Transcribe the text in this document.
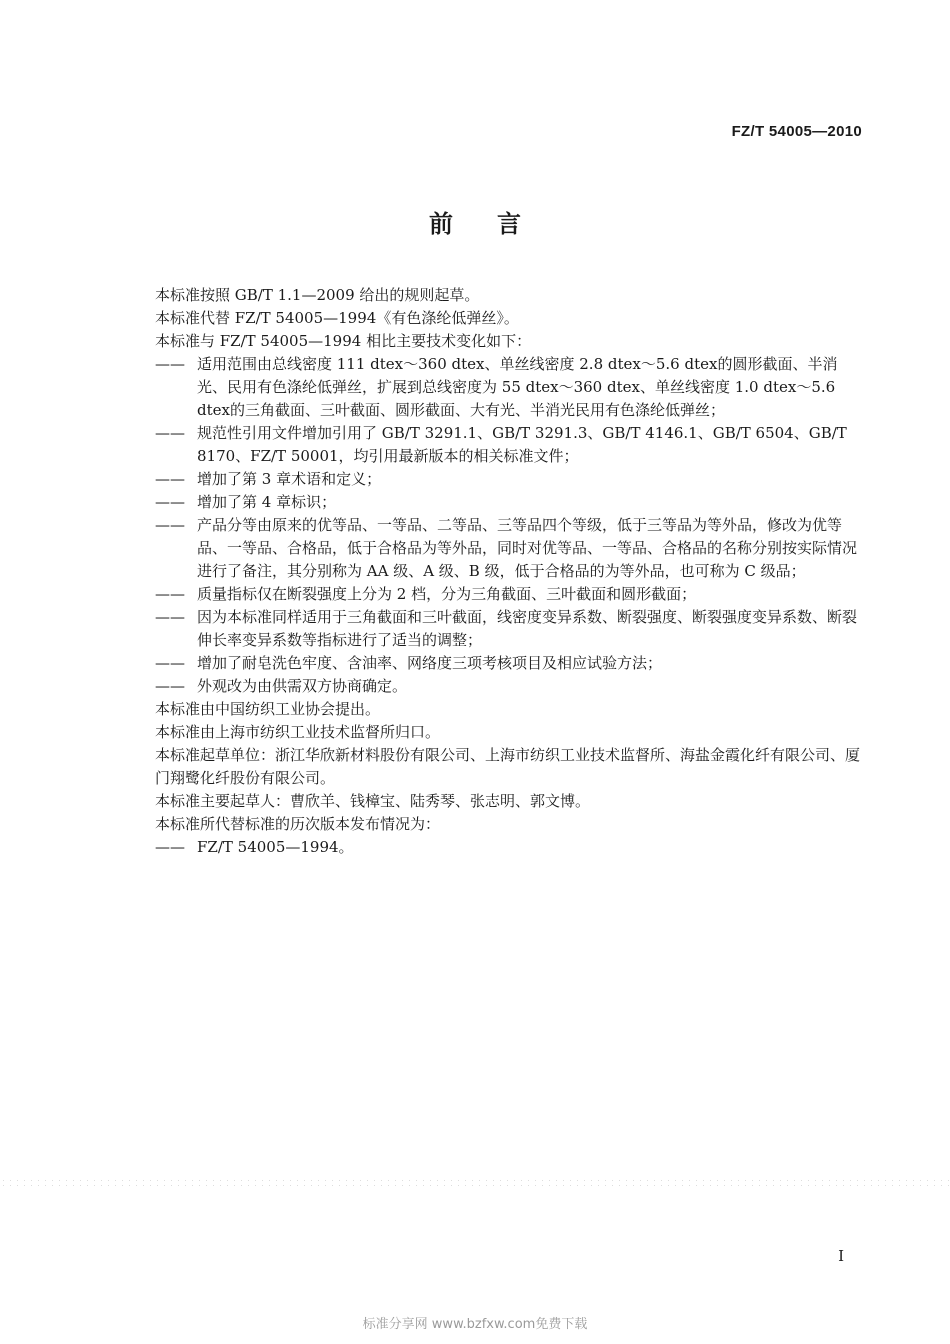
FZ/T 54005—2010
前言

本标准按照 GB/T 1.1—2009 给出的规则起草。

本标准代替 FZ/T 54005—1994《有色涤纶低弹丝》。

本标准与 FZ/T 54005—1994 相比主要技术变化如下：

—— 适用范围由总线密度 111 dtex～360 dtex、单丝线密度 2.8 dtex～5.6 dtex的圆形截面、半消光、民用有色涤纶低弹丝，扩展到总线密度为 55 dtex～360 dtex、单丝线密度 1.0 dtex～5.6 dtex的三角截面、三叶截面、圆形截面、大有光、半消光民用有色涤纶低弹丝；

—— 规范性引用文件增加引用了 GB/T 3291.1、GB/T 3291.3、GB/T 4146.1、GB/T 6504、GB/T 8170、FZ/T 50001，均引用最新版本的相关标准文件；

—— 增加了第 3 章术语和定义；

—— 增加了第 4 章标识；

—— 产品分等由原来的优等品、一等品、二等品、三等品四个等级，低于三等品为等外品，修改为优等品、一等品、合格品，低于合格品为等外品，同时对优等品、一等品、合格品的名称分别按实际情况进行了备注，其分别称为 AA 级、A 级、B 级，低于合格品的为等外品，也可称为 C 级品；

—— 质量指标仅在断裂强度上分为 2 档，分为三角截面、三叶截面和圆形截面；

—— 因为本标准同样适用于三角截面和三叶截面，线密度变异系数、断裂强度、断裂强度变异系数、断裂伸长率变异系数等指标进行了适当的调整；

—— 增加了耐皂洗色牢度、含油率、网络度三项考核项目及相应试验方法；

—— 外观改为由供需双方协商确定。

本标准由中国纺织工业协会提出。

本标准由上海市纺织工业技术监督所归口。

本标准起草单位：浙江华欣新材料股份有限公司、上海市纺织工业技术监督所、海盐金霞化纤有限公司、厦门翔鹭化纤股份有限公司。

本标准主要起草人：曹欣羊、钱樟宝、陆秀琴、张志明、郭文博。

本标准所代替标准的历次版本发布情况为：

—— FZ/T 54005—1994。

I
标准分享网 www.bzfxw.com免费下载
